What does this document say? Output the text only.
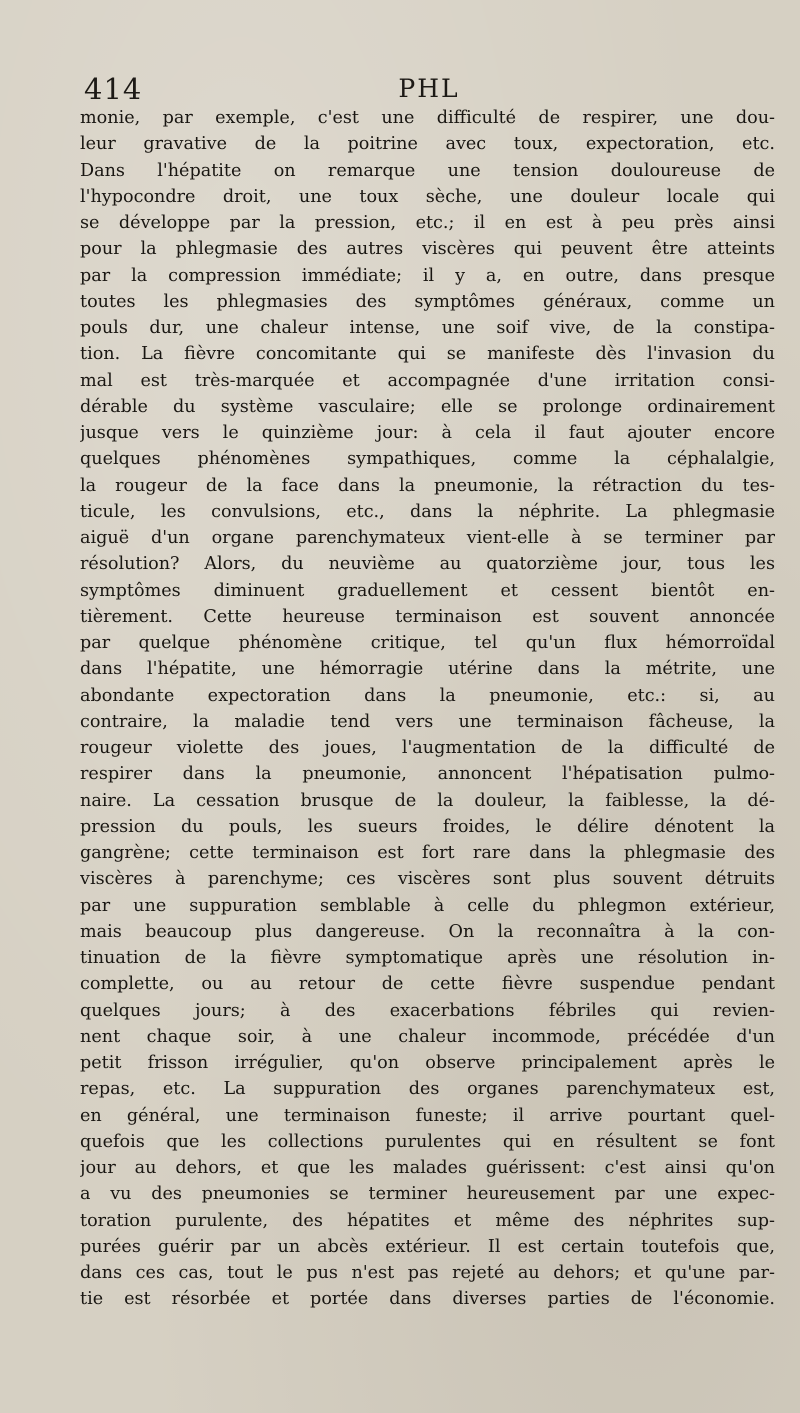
414	PHL
monie, par exemple, c'est une difficulté de respirer, une dou-
leur gravative de la poitrine avec toux, expectoration, etc.
Dans l'hépatite on remarque une tension douloureuse de
l'hypocondre droit, une toux sèche, une douleur locale qui
se développe par la pression, etc.; il en est à peu près ainsi
pour la phlegmasie des autres viscères qui peuvent être atteints
par la compression immédiate; il y a, en outre, dans presque
toutes les phlegmasies des symptômes généraux, comme un
pouls dur, une chaleur intense, une soif vive, de la constipa-
tion. La fièvre concomitante qui se manifeste dès l'invasion du
mal est très-marquée et accompagnée d'une irritation consi-
dérable du système vasculaire; elle se prolonge ordinairement
jusque vers le quinzième jour: à cela il faut ajouter encore
quelques phénomènes sympathiques, comme la céphalalgie,
la rougeur de la face dans la pneumonie, la rétraction du tes-
ticule, les convulsions, etc., dans la néphrite. La phlegmasie
aiguë d'un organe parenchymateux vient-elle à se terminer par
résolution? Alors, du neuvième au quatorzième jour, tous les
symptômes diminuent graduellement et cessent bientôt en-
tièrement. Cette heureuse terminaison est souvent annoncée
par quelque phénomène critique, tel qu'un flux hémorroïdal
dans l'hépatite, une hémorragie utérine dans la métrite, une
abondante expectoration dans la pneumonie, etc.: si, au
contraire, la maladie tend vers une terminaison fâcheuse, la
rougeur violette des joues, l'augmentation de la difficulté de
respirer dans la pneumonie, annoncent l'hépatisation pulmo-
naire. La cessation brusque de la douleur, la faiblesse, la dé-
pression du pouls, les sueurs froides, le délire dénotent la
gangrène; cette terminaison est fort rare dans la phlegmasie des
viscères à parenchyme; ces viscères sont plus souvent détruits
par une suppuration semblable à celle du phlegmon extérieur,
mais beaucoup plus dangereuse. On la reconnaîtra à la con-
tinuation de la fièvre symptomatique après une résolution in-
complette, ou au retour de cette fièvre suspendue pendant
quelques jours; à des exacerbations fébriles qui revien-
nent chaque soir, à une chaleur incommode, précédée d'un
petit frisson irrégulier, qu'on observe principalement après le
repas, etc. La suppuration des organes parenchymateux est,
en général, une terminaison funeste; il arrive pourtant quel-
quefois que les collections purulentes qui en résultent se font
jour au dehors, et que les malades guérissent: c'est ainsi qu'on
a vu des pneumonies se terminer heureusement par une expec-
toration purulente, des hépatites et même des néphrites sup-
purées guérir par un abcès extérieur. Il est certain toutefois que,
dans ces cas, tout le pus n'est pas rejeté au dehors; et qu'une par-
tie est résorbée et portée dans diverses parties de l'économie.
